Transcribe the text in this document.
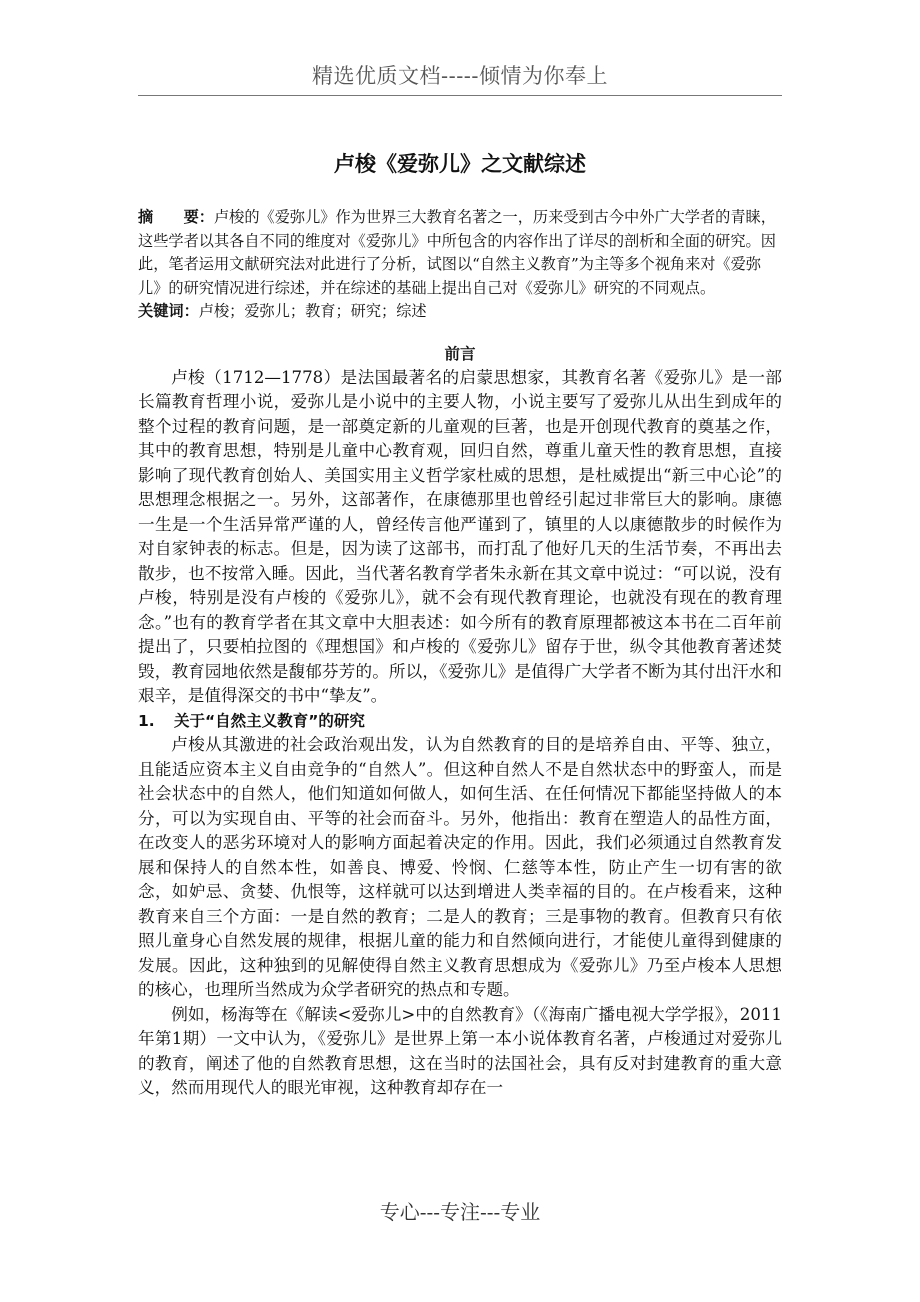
精选优质文档-----倾情为你奉上
卢梭《爱弥儿》之文献综述

摘　　要：卢梭的《爱弥儿》作为世界三大教育名著之一，历来受到古今中外广大学者的青睐，这些学者以其各自不同的维度对《爱弥儿》中所包含的内容作出了详尽的剖析和全面的研究。因此，笔者运用文献研究法对此进行了分析，试图以“自然主义教育”为主等多个视角来对《爱弥儿》的研究情况进行综述，并在综述的基础上提出自己对《爱弥儿》研究的不同观点。

关键词：卢梭；爱弥儿；教育；研究；综述

前言

卢梭（1712—1778）是法国最著名的启蒙思想家，其教育名著《爱弥儿》是一部长篇教育哲理小说，爱弥儿是小说中的主要人物，小说主要写了爱弥儿从出生到成年的整个过程的教育问题，是一部奠定新的儿童观的巨著，也是开创现代教育的奠基之作，其中的教育思想，特别是儿童中心教育观，回归自然，尊重儿童天性的教育思想，直接影响了现代教育创始人、美国实用主义哲学家杜威的思想，是杜威提出“新三中心论”的思想理念根据之一。另外，这部著作，在康德那里也曾经引起过非常巨大的影响。康德一生是一个生活异常严谨的人，曾经传言他严谨到了，镇里的人以康德散步的时候作为对自家钟表的标志。但是，因为读了这部书，而打乱了他好几天的生活节奏，不再出去散步，也不按常入睡。因此，当代著名教育学者朱永新在其文章中说过：“可以说，没有卢梭，特别是没有卢梭的《爱弥儿》，就不会有现代教育理论，也就没有现在的教育理念。”也有的教育学者在其文章中大胆表述：如今所有的教育原理都被这本书在二百年前提出了，只要柏拉图的《理想国》和卢梭的《爱弥儿》留存于世，纵令其他教育著述焚毁，教育园地依然是馥郁芬芳的。所以，《爱弥儿》是值得广大学者不断为其付出汗水和艰辛，是值得深交的书中“挚友”。

1. 关于“自然主义教育”的研究

卢梭从其激进的社会政治观出发，认为自然教育的目的是培养自由、平等、独立，且能适应资本主义自由竞争的“自然人”。但这种自然人不是自然状态中的野蛮人，而是社会状态中的自然人，他们知道如何做人，如何生活、在任何情况下都能坚持做人的本分，可以为实现自由、平等的社会而奋斗。另外，他指出：教育在塑造人的品性方面，在改变人的恶劣环境对人的影响方面起着决定的作用。因此，我们必须通过自然教育发展和保持人的自然本性，如善良、博爱、怜悯、仁慈等本性，防止产生一切有害的欲念，如妒忌、贪婪、仇恨等，这样就可以达到增进人类幸福的目的。在卢梭看来，这种教育来自三个方面：一是自然的教育；二是人的教育；三是事物的教育。但教育只有依照儿童身心自然发展的规律，根据儿童的能力和自然倾向进行，才能使儿童得到健康的发展。因此，这种独到的见解使得自然主义教育思想成为《爱弥儿》乃至卢梭本人思想的核心，也理所当然成为众学者研究的热点和专题。

例如，杨海等在《解读<爱弥儿>中的自然教育》（《海南广播电视大学学报》，2011年第1期）一文中认为，《爱弥儿》是世界上第一本小说体教育名著，卢梭通过对爱弥儿的教育，阐述了他的自然教育思想，这在当时的法国社会，具有反对封建教育的重大意义，然而用现代人的眼光审视，这种教育却存在一

专心---专注---专业
